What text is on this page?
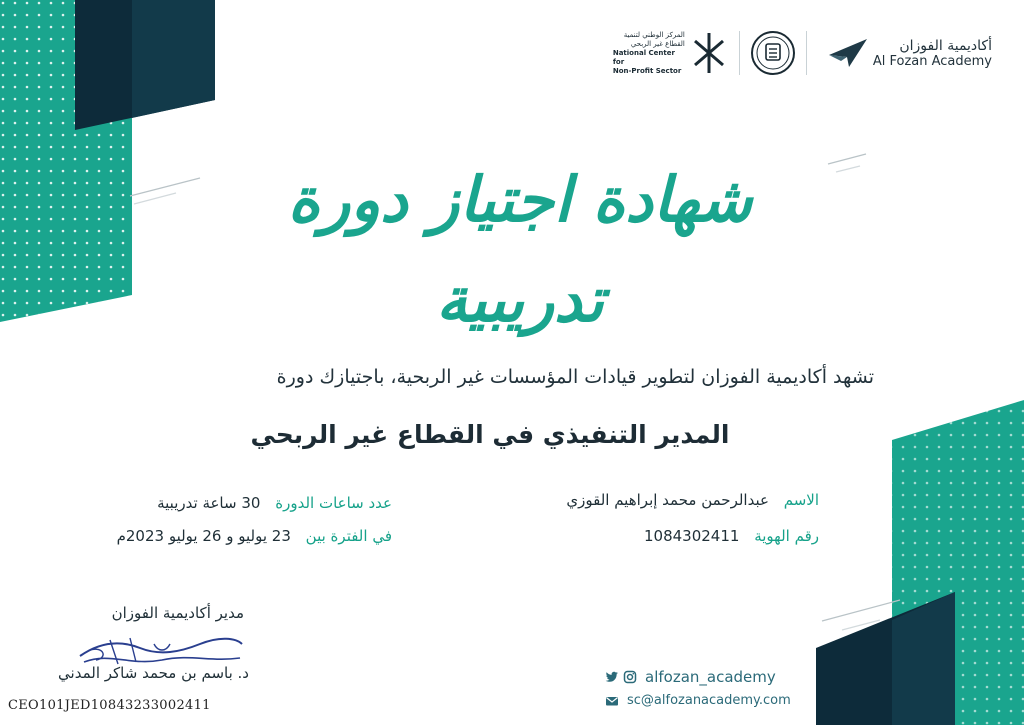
المركز الوطني لتنمية
القطاع غير الربحي
National Center for
Non-Profit Sector
أكاديمية الفوزان
Al Fozan Academy
شهادة اجتياز دورة تدريبية
تشهد أكاديمية الفوزان لتطوير قيادات المؤسسات غير الربحية، باجتيازك دورة
المدير التنفيذي في القطاع غير الربحي
الاسم عبدالرحمن محمد إبراهيم القوزي
رقم الهوية 1084302411
عدد ساعات الدورة 30 ساعة تدريبية
في الفترة بين 23 يوليو و 26 يوليو 2023م
مدير أكاديمية الفوزان
د. باسم بن محمد شاكر المدني
CEO101JED10843233002411
alfozan_academy
sc@alfozanacademy.com
